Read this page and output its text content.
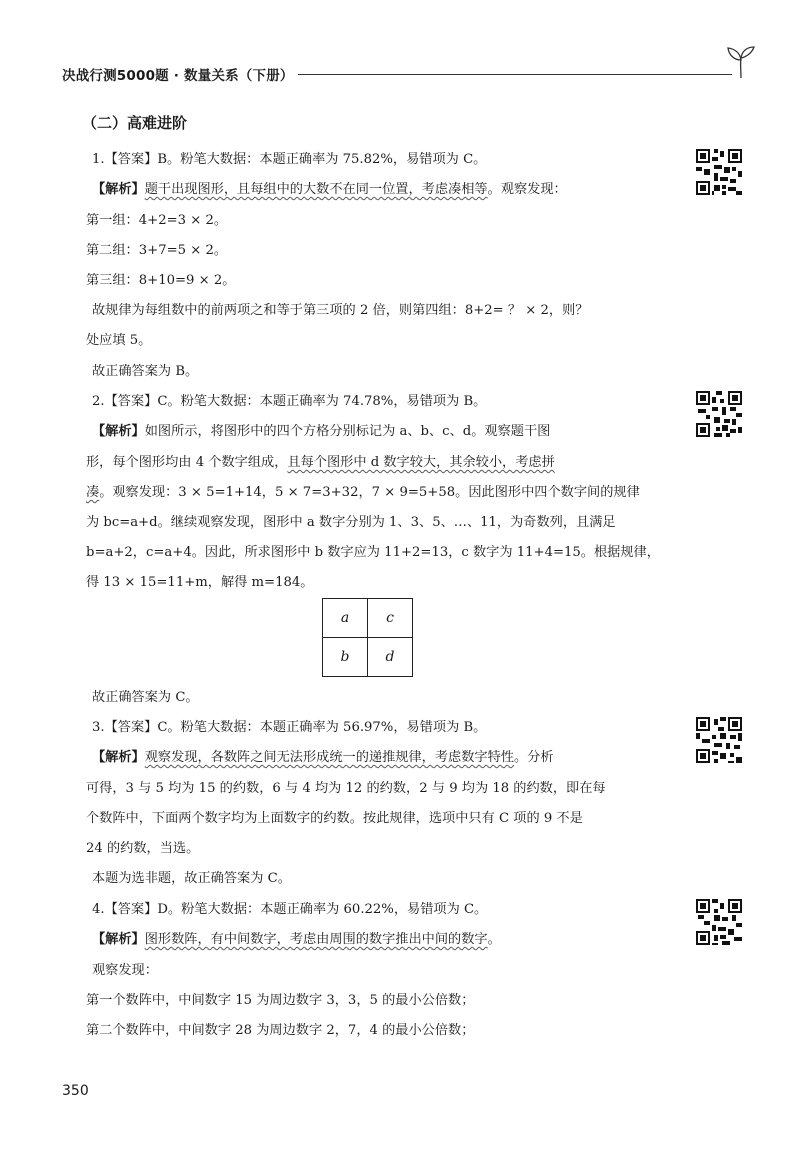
决战行测5000题 · 数量关系（下册）
（二）高难进阶
1.【答案】B。粉笔大数据：本题正确率为 75.82%，易错项为 C。
【解析】题干出现图形，且每组中的大数不在同一位置，考虑凑相等。观察发现：
第一组：4+2=3 × 2。
第二组：3+7=5 × 2。
第三组：8+10=9 × 2。
故规律为每组数中的前两项之和等于第三项的 2 倍，则第四组：8+2= ？ × 2，则？
处应填 5。
故正确答案为 B。
2.【答案】C。粉笔大数据：本题正确率为 74.78%，易错项为 B。
【解析】如图所示，将图形中的四个方格分别标记为 a、b、c、d。观察题干图
形，每个图形均由 4 个数字组成，且每个图形中 d 数字较大，其余较小，考虑拼
凑。观察发现：3 × 5=1+14，5 × 7=3+32，7 × 9=5+58。因此图形中四个数字间的规律
为 bc=a+d。继续观察发现，图形中 a 数字分别为 1、3、5、…、11，为奇数列，且满足
b=a+2，c=a+4。因此，所求图形中 b 数字应为 11+2=13，c 数字为 11+4=15。根据规律，
得 13 × 15=11+m，解得 m=184。
a	c
b	d
故正确答案为 C。
3.【答案】C。粉笔大数据：本题正确率为 56.97%，易错项为 B。
【解析】观察发现，各数阵之间无法形成统一的递推规律，考虑数字特性。分析
可得，3 与 5 均为 15 的约数，6 与 4 均为 12 的约数，2 与 9 均为 18 的约数，即在每
个数阵中，下面两个数字均为上面数字的约数。按此规律，选项中只有 C 项的 9 不是
24 的约数，当选。
本题为选非题，故正确答案为 C。
4.【答案】D。粉笔大数据：本题正确率为 60.22%，易错项为 C。
【解析】图形数阵，有中间数字，考虑由周围的数字推出中间的数字。
观察发现：
第一个数阵中，中间数字 15 为周边数字 3，3，5 的最小公倍数；
第二个数阵中，中间数字 28 为周边数字 2，7，4 的最小公倍数；
350
